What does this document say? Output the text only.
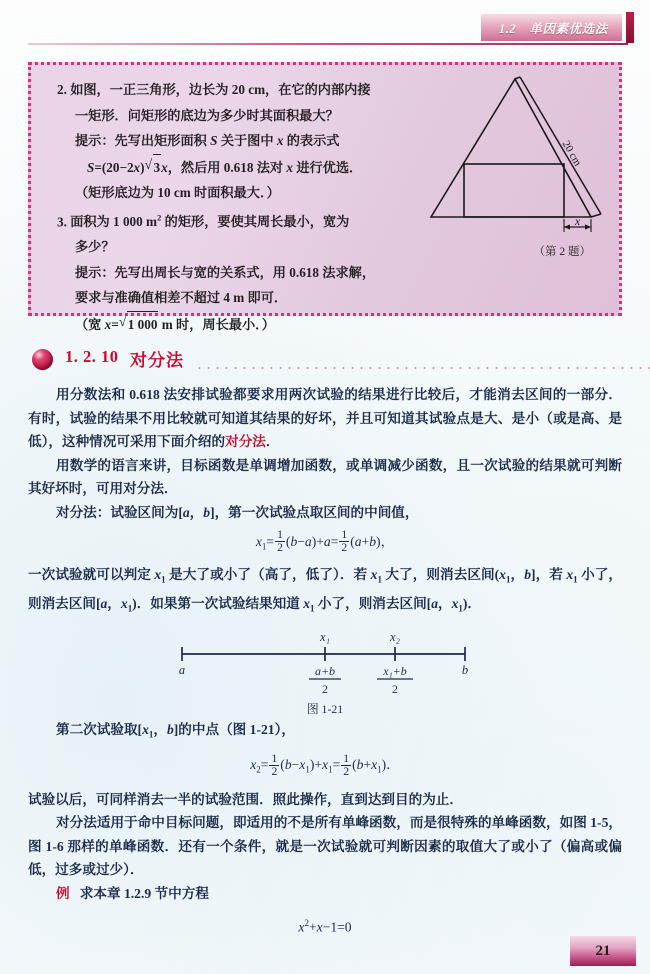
1.2　单因素优选法
2. 如图，一正三角形，边长为 20 cm，在它的内部内接
一矩形．问矩形的底边为多少时其面积最大？
提示：先写出矩形面积 S 关于图中 x 的表示式
S=(20−2x) √ 3x，然后用 0.618 法对 x 进行优选．
（矩形底边为 10 cm 时面积最大．）
3. 面积为 1 000 $m^2$ 的矩形，要使其周长最小，宽为
多少？
提示：先写出周长与宽的关系式，用 0.618 法求解，
要求与准确值相差不超过 4 m 即可．
（宽 x= √ 1 000 m 时，周长最小．）
20 cm
x
（第 2 题）
1. 2. 10 对分法

用分数法和 0.618 法安排试验都要求用两次试验的结果进行比较后，才能消去区间的一部分．有时，试验的结果不用比较就可知道其结果的好坏，并且可知道其试验点是大、是小（或是高、是低），这种情况可采用下面介绍的对分法．

用数学的语言来讲，目标函数是单调增加函数，或单调减少函数，且一次试验的结果就可判断其好坏时，可用对分法．

对分法：试验区间为[a，b]，第一次试验点取区间的中间值，

$x_1= \frac{1}{2} (b-a)+a= \frac{1}{2} (a+b)$，

一次试验就可以判定 $x_1$ 是大了或小了（高了，低了）．若 $x_1$ 大了，则消去区间($x_1$，b]，若 $x_1$ 小了，则消去区间[a，$x_1$)．如果第一次试验结果知道 $x_1$ 小了，则消去区间[a，$x_1$)．

a	b
x₁	x₂
a+b
2
x₁+b
2
图 1-21

第二次试验取[$x_1$，b]的中点（图 1-21），

$x_2= \frac{1}{2} (b-x_1)+x_1= \frac{1}{2} (b+x_1)$．

试验以后，可同样消去一半的试验范围．照此操作，直到达到目的为止．

对分法适用于命中目标问题，即适用的不是所有单峰函数，而是很特殊的单峰函数，如图 1-5，图 1-6 那样的单峰函数．还有一个条件，就是一次试验就可判断因素的取值大了或小了（偏高或偏低，过多或过少）．

例 求本章 1.2.9 节中方程

$x^2+x-1=0$
21
